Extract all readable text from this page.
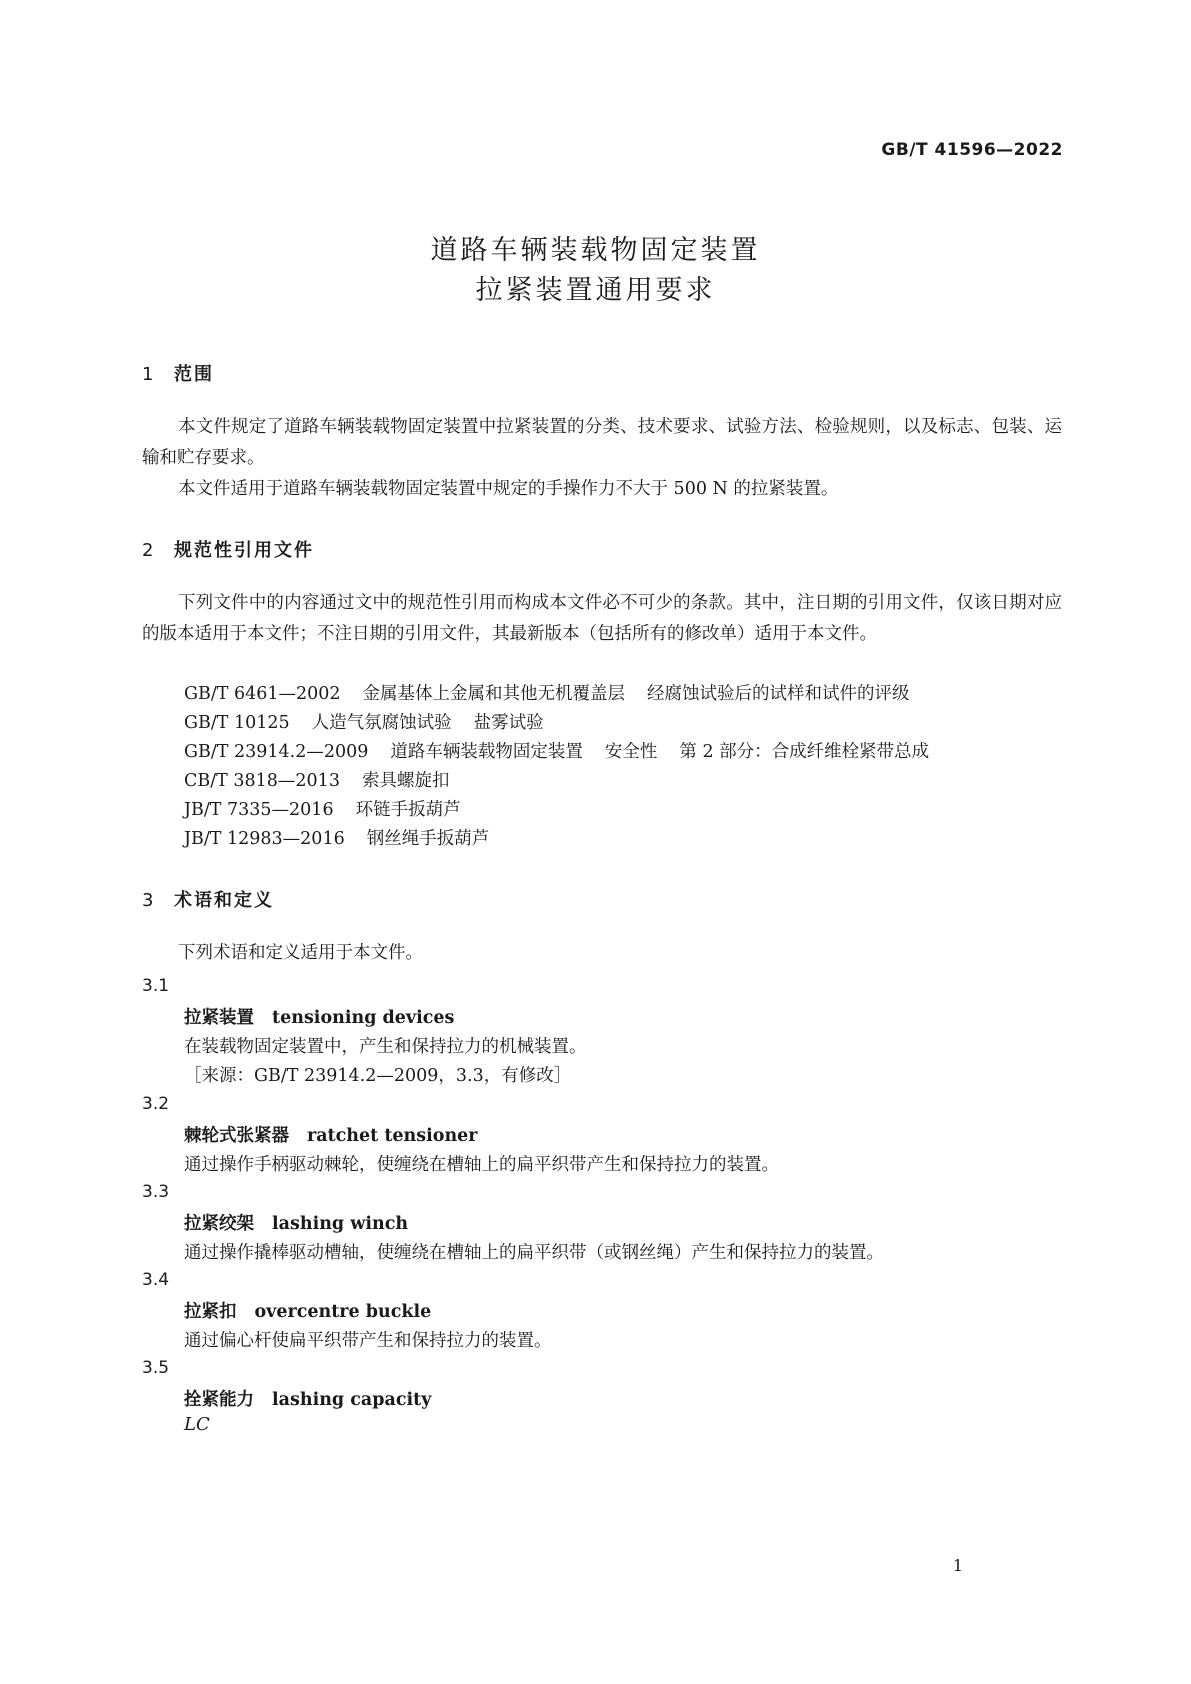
GB/T 41596—2022
道路车辆装载物固定装置
拉紧装置通用要求
1 范围
本文件规定了道路车辆装载物固定装置中拉紧装置的分类、技术要求、试验方法、检验规则，以及标志、包装、运输和贮存要求。
本文件适用于道路车辆装载物固定装置中规定的手操作力不大于 500 N 的拉紧装置。
2 规范性引用文件
下列文件中的内容通过文中的规范性引用而构成本文件必不可少的条款。其中，注日期的引用文件，仅该日期对应的版本适用于本文件；不注日期的引用文件，其最新版本（包括所有的修改单）适用于本文件。
GB/T 6461—2002 金属基体上金属和其他无机覆盖层 经腐蚀试验后的试样和试件的评级
GB/T 10125 人造气氛腐蚀试验 盐雾试验
GB/T 23914.2—2009 道路车辆装载物固定装置 安全性 第 2 部分：合成纤维栓紧带总成
CB/T 3818—2013 索具螺旋扣
JB/T 7335—2016 环链手扳葫芦
JB/T 12983—2016 钢丝绳手扳葫芦
3 术语和定义
下列术语和定义适用于本文件。
3.1
拉紧装置 tensioning devices
在装载物固定装置中，产生和保持拉力的机械装置。
［来源：GB/T 23914.2—2009，3.3，有修改］
3.2
棘轮式张紧器 ratchet tensioner
通过操作手柄驱动棘轮，使缠绕在槽轴上的扁平织带产生和保持拉力的装置。
3.3
拉紧绞架 lashing winch
通过操作撬棒驱动槽轴，使缠绕在槽轴上的扁平织带（或钢丝绳）产生和保持拉力的装置。
3.4
拉紧扣 overcentre buckle
通过偏心杆使扁平织带产生和保持拉力的装置。
3.5
拴紧能力 lashing capacity
LC
1
